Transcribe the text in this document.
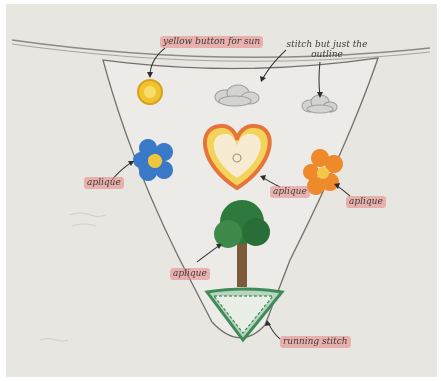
yellow button for sun	stitch but just the outline
aplique
aplique
aplique
aplique
running stitch
